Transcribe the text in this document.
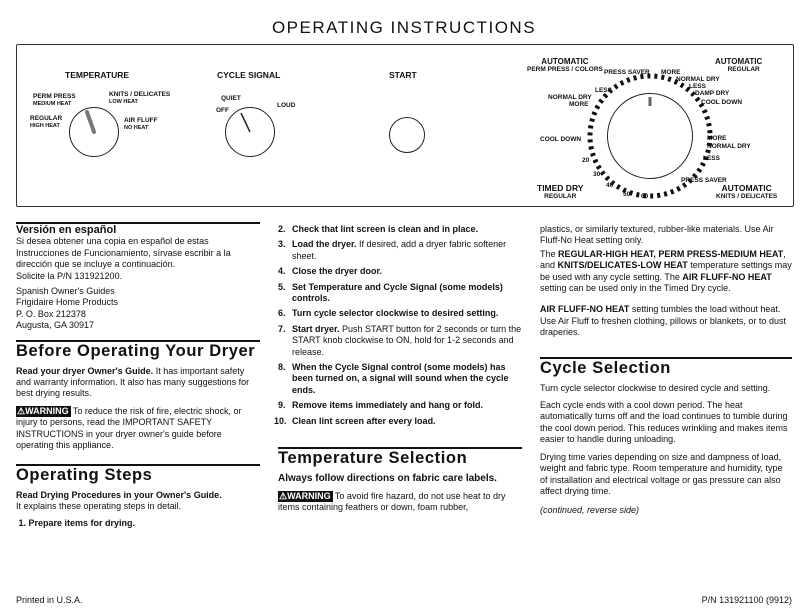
OPERATING INSTRUCTIONS
TEMPERATURE
PERM PRESS
MEDIUM HEAT
KNITS / DELICATES
LOW HEAT
REGULAR
HIGH HEAT
AIR FLUFF
NO HEAT
CYCLE SIGNAL
QUIET
OFF
LOUD
START
AUTOMATIC
PERM PRESS / COLORS
AUTOMATIC
REGULAR
PRESS SAVER
LESS
NORMAL DRY
MORE
MORE
NORMAL DRY
LESS
DAMP DRY
COOL DOWN
COOL DOWN	MORE
NORMAL DRY
LESS
PRESS SAVER
20
30
40
50 60
TIMED DRY
REGULAR
AUTOMATIC
KNITS / DELICATES
Versión en español

Si desea obtener una copia en español de estas Instrucciones de Funcionamiento, sírvase escribir a la dirección que se incluye a continuación.

Solicite la P/N 131921200.

Spanish Owner's Guides
Frigidaire Home Products
P. O. Box 212378
Augusta, GA 30917
Before Operating Your Dryer

Read your dryer Owner's Guide. It has important safety and warranty information. It also has many suggestions for best drying results.

⚠WARNING To reduce the risk of fire, electric shock, or injury to persons, read the IMPORTANT SAFETY INSTRUCTIONS in your dryer owner's guide before operating this appliance.

Operating Steps
Read Drying Procedures in your Owner's Guide.

It explains these operating steps in detail.

1. Prepare items for drying.
2. Check that lint screen is clean and in place.
3. Load the dryer. If desired, add a dryer fabric softener sheet.
4. Close the dryer door.
5. Set Temperature and Cycle Signal (some models) controls.
6. Turn cycle selector clockwise to desired setting.
7. Start dryer. Push START button for 2 seconds or turn the START knob clockwise to ON, hold for 1-2 seconds and release.
8. When the Cycle Signal control (some models) has been turned on, a signal will sound when the cycle ends.
9. Remove items immediately and hang or fold.
10. Clean lint screen after every load.
Temperature Selection

Always follow directions on fabric care labels.

⚠WARNING To avoid fire hazard, do not use heat to dry items containing feathers or down, foam rubber,

plastics, or similarly textured, rubber-like materials. Use Air Fluff-No Heat setting only.

The REGULAR-HIGH HEAT, PERM PRESS-MEDIUM HEAT, and KNITS/DELICATES-LOW HEAT temperature settings may be used with any cycle setting. The AIR FLUFF-NO HEAT setting can be used only in the Timed Dry cycle.

AIR FLUFF-NO HEAT setting tumbles the load without heat. Use Air Fluff to freshen clothing, pillows or blankets, or to dust draperies.

Cycle Selection

Turn cycle selector clockwise to desired cycle and setting.

Each cycle ends with a cool down period. The heat automatically turns off and the load continues to tumble during the cool down period. This reduces wrinkling and makes items easier to handle during unloading.

Drying time varies depending on size and dampness of load, weight and fabric type. Room temperature and humidity, type of installation and electrical voltage or gas pressure can also affect drying time.

(continued, reverse side)

Printed in U.S.A.	P/N 131921100 (9912)
